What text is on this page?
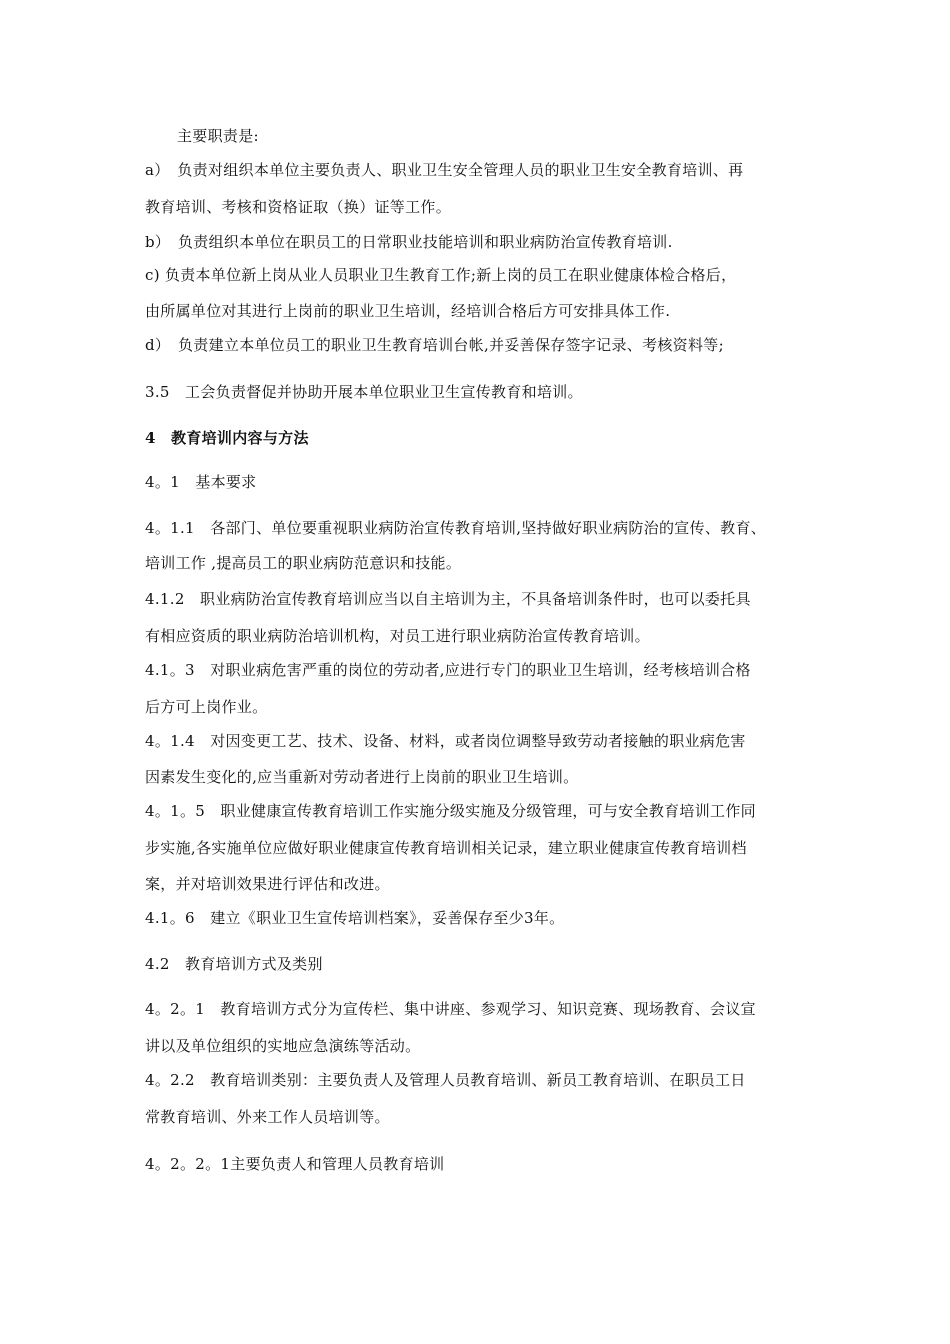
主要职责是:
a）　负责对组织本单位主要负责人、职业卫生安全管理人员的职业卫生安全教育培训、再
教育培训、考核和资格证取（换）证等工作。
b）　负责组织本单位在职员工的日常职业技能培训和职业病防治宣传教育培训.
c) 负责本单位新上岗从业人员职业卫生教育工作;新上岗的员工在职业健康体检合格后，
由所属单位对其进行上岗前的职业卫生培训，经培训合格后方可安排具体工作.
d）　负责建立本单位员工的职业卫生教育培训台帐,并妥善保存签字记录、考核资料等;
3.5　工会负责督促并协助开展本单位职业卫生宣传教育和培训。
4　教育培训内容与方法
4。1　基本要求
4。1.1　各部门、单位要重视职业病防治宣传教育培训,坚持做好职业病防治的宣传、教育、
培训工作 ,提高员工的职业病防范意识和技能。
4.1.2　职业病防治宣传教育培训应当以自主培训为主，不具备培训条件时，也可以委托具
有相应资质的职业病防治培训机构，对员工进行职业病防治宣传教育培训。
4.1。3　对职业病危害严重的岗位的劳动者,应进行专门的职业卫生培训，经考核培训合格
后方可上岗作业。
4。1.4　对因变更工艺、技术、设备、材料，或者岗位调整导致劳动者接触的职业病危害
因素发生变化的,应当重新对劳动者进行上岗前的职业卫生培训。
4。1。5　职业健康宣传教育培训工作实施分级实施及分级管理，可与安全教育培训工作同
步实施,各实施单位应做好职业健康宣传教育培训相关记录，建立职业健康宣传教育培训档
案，并对培训效果进行评估和改进。
4.1。6　建立《职业卫生宣传培训档案》，妥善保存至少3年。
4.2　教育培训方式及类别
4。2。1　教育培训方式分为宣传栏、集中讲座、参观学习、知识竞赛、现场教育、会议宣
讲以及单位组织的实地应急演练等活动。
4。2.2　教育培训类别：主要负责人及管理人员教育培训、新员工教育培训、在职员工日
常教育培训、外来工作人员培训等。
4。2。2。1主要负责人和管理人员教育培训
